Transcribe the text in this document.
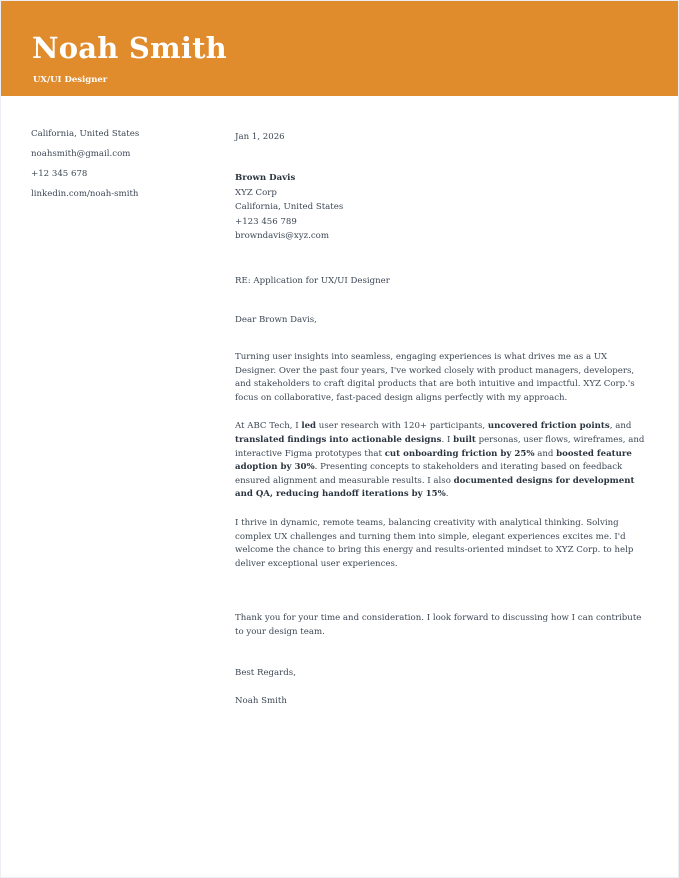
Noah Smith
UX/UI Designer
California, United States
noahsmith@gmail.com
+12 345 678
linkedin.com/noah-smith
Jan 1, 2026
Brown Davis
XYZ Corp
California, United States
+123 456 789
browndavis@xyz.com
RE: Application for UX/UI Designer
Dear Brown Davis,
Turning user insights into seamless, engaging experiences is what drives me as a UX Designer. Over the past four years, I've worked closely with product managers, developers, and stakeholders to craft digital products that are both intuitive and impactful. XYZ Corp.'s focus on collaborative, fast-paced design aligns perfectly with my approach.
At ABC Tech, I led user research with 120+ participants, uncovered friction points, and translated findings into actionable designs. I built personas, user flows, wireframes, and interactive Figma prototypes that cut onboarding friction by 25% and boosted feature adoption by 30%. Presenting concepts to stakeholders and iterating based on feedback ensured alignment and measurable results. I also documented designs for development and QA, reducing handoff iterations by 15%.
I thrive in dynamic, remote teams, balancing creativity with analytical thinking. Solving complex UX challenges and turning them into simple, elegant experiences excites me. I'd welcome the chance to bring this energy and results-oriented mindset to XYZ Corp. to help deliver exceptional user experiences.
Thank you for your time and consideration. I look forward to discussing how I can contribute to your design team.
Best Regards,
Noah Smith
